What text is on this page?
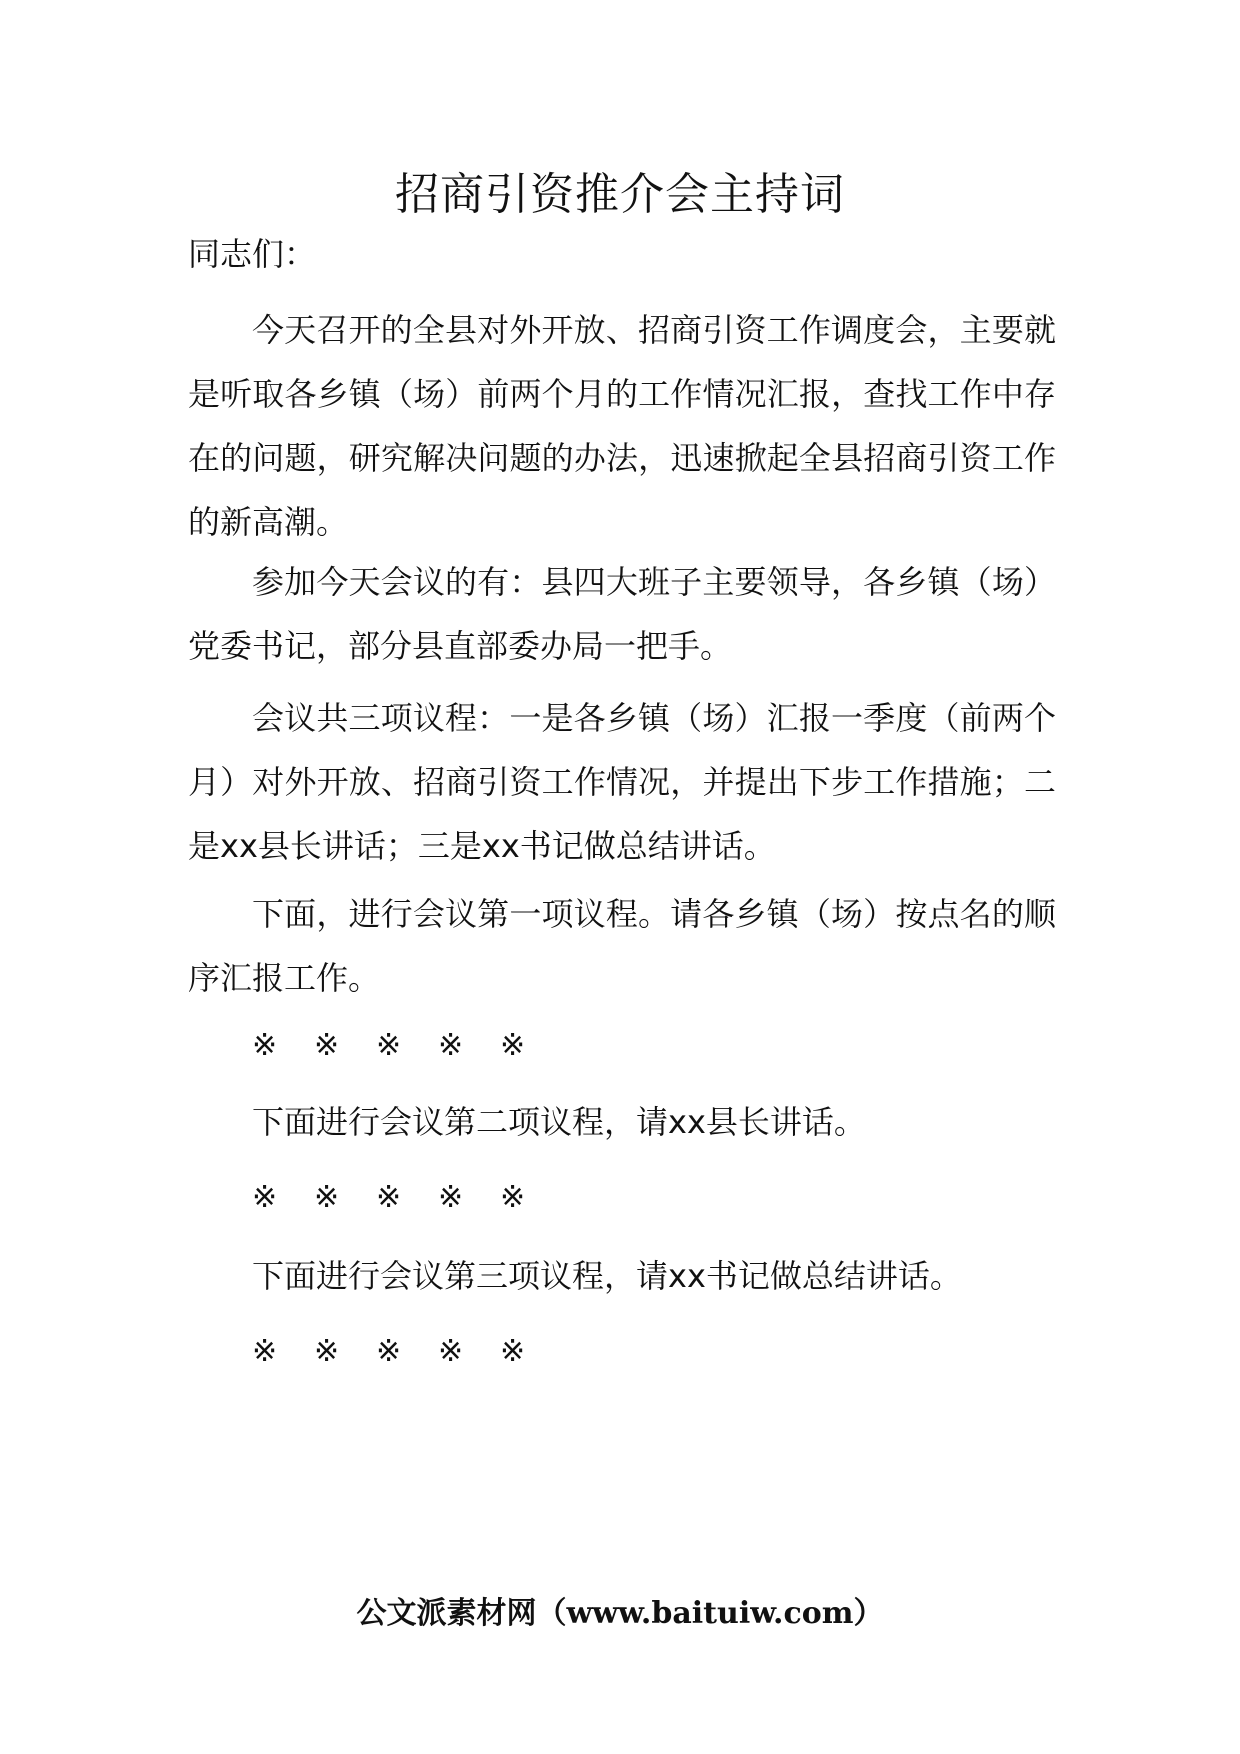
招商引资推介会主持词

同志们：

今天召开的全县对外开放、招商引资工作调度会，主要就是听取各乡镇（场）前两个月的工作情况汇报，查找工作中存在的问题，研究解决问题的办法，迅速掀起全县招商引资工作的新高潮。

参加今天会议的有：县四大班子主要领导，各乡镇（场）党委书记，部分县直部委办局一把手。

会议共三项议程：一是各乡镇（场）汇报一季度（前两个月）对外开放、招商引资工作情况，并提出下步工作措施；二是xx县长讲话；三是xx书记做总结讲话。

下面，进行会议第一项议程。请各乡镇（场）按点名的顺序汇报工作。

※ ※ ※ ※ ※

下面进行会议第二项议程，请xx县长讲话。

※ ※ ※ ※ ※

下面进行会议第三项议程，请xx书记做总结讲话。

※ ※ ※ ※ ※

公文派素材网（www.baituiw.com）
